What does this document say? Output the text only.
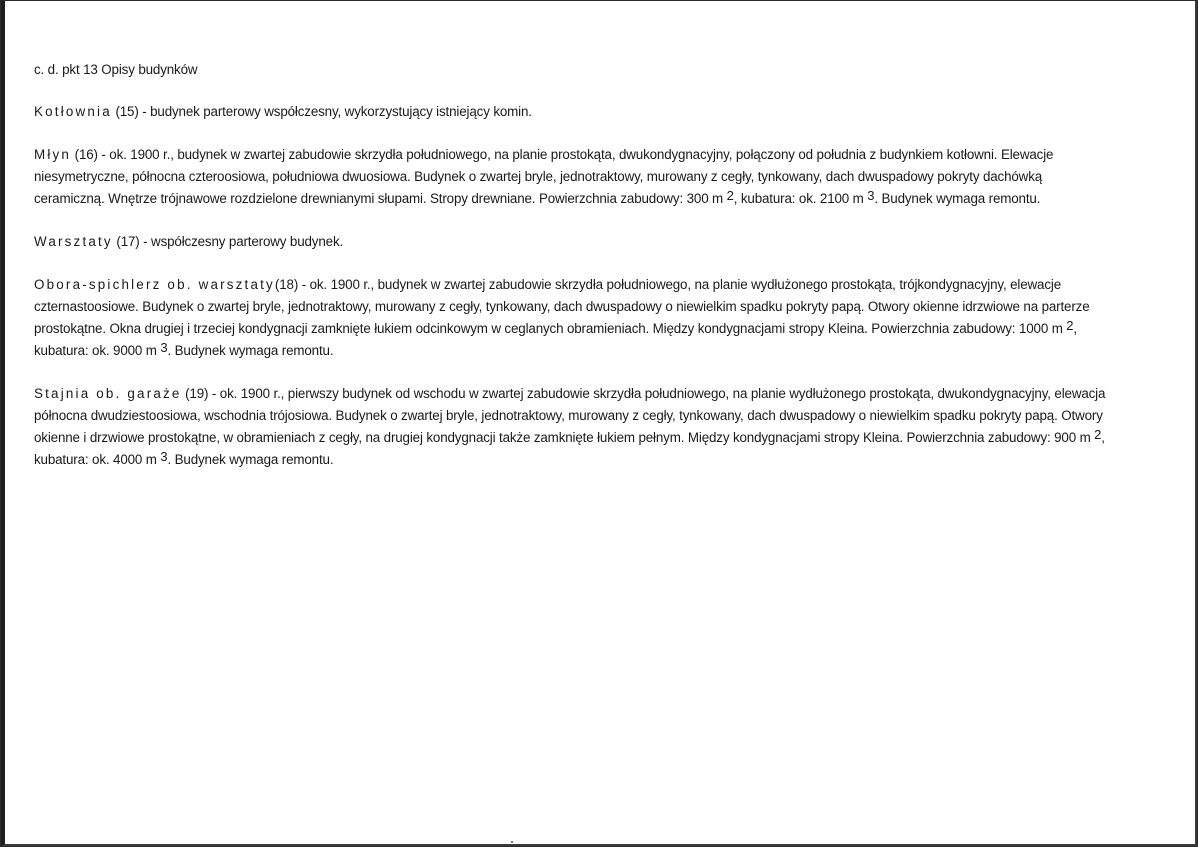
c. d. pkt 13 Opisy budynków

Kotłownia (15) - budynek parterowy współczesny, wykorzystujący istniejący komin.

Młyn (16) - ok. 1900 r., budynek w zwartej zabudowie skrzydła południowego, na planie prostokąta, dwukondygnacyjny, połączony od południa z budynkiem kotłowni. Elewacje niesymetryczne, północna czteroosiowa, południowa dwuosiowa. Budynek o zwartej bryle, jednotraktowy, murowany z cegły, tynkowany, dach dwuspadowy pokryty dachówką ceramiczną. Wnętrze trójnawowe rozdzielone drewnianymi słupami. Stropy drewniane. Powierzchnia zabudowy: 300 m $^2$, kubatura: ok. 2100 m $^3$. Budynek wymaga remontu.

Warsztaty (17) - współczesny parterowy budynek.

Obora-spichlerz ob. warsztaty(18) - ok. 1900 r., budynek w zwartej zabudowie skrzydła południowego, na planie wydłużonego prostokąta, trójkondygnacyjny, elewacje czternastoosiowe. Budynek o zwartej bryle, jednotraktowy, murowany z cegły, tynkowany, dach dwuspadowy o niewielkim spadku pokryty papą. Otwory okienne idrzwiowe na parterze prostokątne. Okna drugiej i trzeciej kondygnacji zamknięte łukiem odcinkowym w ceglanych obramieniach. Między kondygnacjami stropy Kleina. Powierzchnia zabudowy: 1000 m $^2$, kubatura: ok. 9000 m $^3$. Budynek wymaga remontu.

Stajnia ob. garaże (19) - ok. 1900 r., pierwszy budynek od wschodu w zwartej zabudowie skrzydła południowego, na planie wydłużonego prostokąta, dwukondygnacyjny, elewacja północna dwudziestoosiowa, wschodnia trójosiowa. Budynek o zwartej bryle, jednotraktowy, murowany z cegły, tynkowany, dach dwuspadowy o niewielkim spadku pokryty papą. Otwory okienne i drzwiowe prostokątne, w obramieniach z cegły, na drugiej kondygnacji także zamknięte łukiem pełnym. Między kondygnacjami stropy Kleina. Powierzchnia zabudowy: 900 m $^2$, kubatura: ok. 4000 m $^3$. Budynek wymaga remontu.
